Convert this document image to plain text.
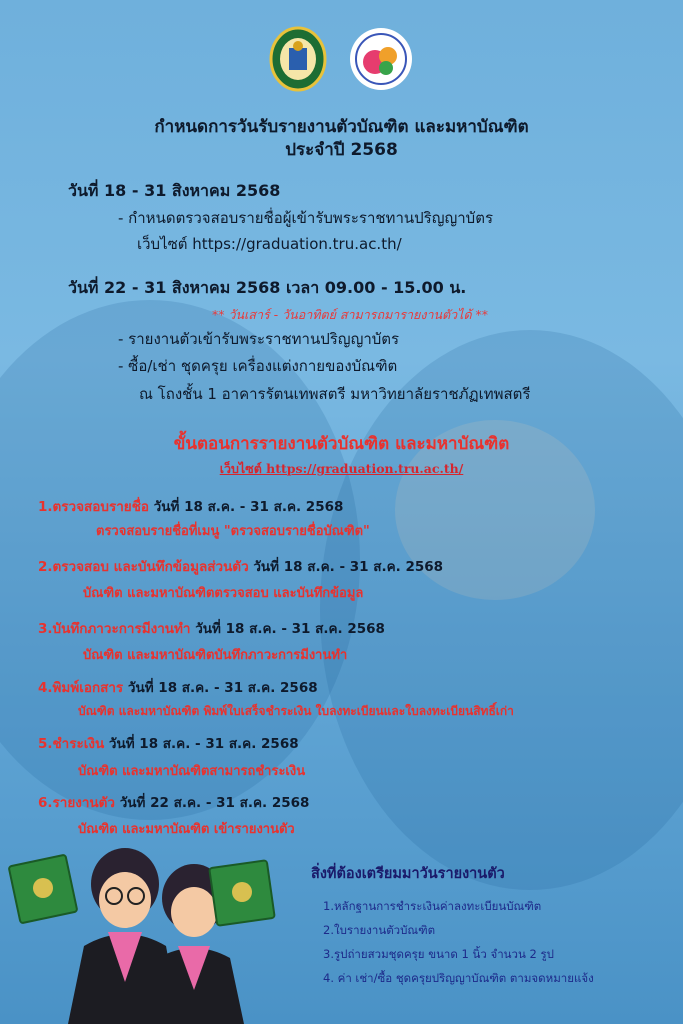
กำหนดการวันรับรายงานตัวบัณฑิต และมหาบัณฑิต
ประจำปี 2568
วันที่ 18 - 31 สิงหาคม 2568
- กำหนดตรวจสอบรายชื่อผู้เข้ารับพระราชทานปริญญาบัตร
เว็บไซต์ https://graduation.tru.ac.th/
วันที่ 22 - 31 สิงหาคม 2568 เวลา 09.00 - 15.00 น.
** วันเสาร์ - วันอาทิตย์ สามารถมารายงานตัวได้ **
- รายงานตัวเข้ารับพระราชทานปริญญาบัตร
- ซื้อ/เช่า ชุดครุย เครื่องแต่งกายของบัณฑิต
ณ โถงชั้น 1 อาคารรัตนเทพสตรี มหาวิทยาลัยราชภัฏเทพสตรี
ขั้นตอนการรายงานตัวบัณฑิต และมหาบัณฑิต
เว็บไซต์ https://graduation.tru.ac.th/
1.ตรวจสอบรายชื่อ วันที่ 18 ส.ค. - 31 ส.ค. 2568
ตรวจสอบรายชื่อที่เมนู "ตรวจสอบรายชื่อบัณฑิต"
2.ตรวจสอบ และบันทึกข้อมูลส่วนตัว วันที่ 18 ส.ค. - 31 ส.ค. 2568
บัณฑิต และมหาบัณฑิตตรวจสอบ และบันทึกข้อมูล
3.บันทึกภาวะการมีงานทำ วันที่ 18 ส.ค. - 31 ส.ค. 2568
บัณฑิต และมหาบัณฑิตบันทึกภาวะการมีงานทำ
4.พิมพ์เอกสาร วันที่ 18 ส.ค. - 31 ส.ค. 2568
บัณฑิต และมหาบัณฑิต พิมพ์ใบเสร็จชำระเงิน ใบลงทะเบียนและใบลงทะเบียนสิทธิ์เก่า
5.ชำระเงิน วันที่ 18 ส.ค. - 31 ส.ค. 2568
บัณฑิต และมหาบัณฑิตสามารถชำระเงิน
6.รายงานตัว วันที่ 22 ส.ค. - 31 ส.ค. 2568
บัณฑิต และมหาบัณฑิต เข้ารายงานตัว
สิ่งที่ต้องเตรียมมาวันรายงานตัว
1.หลักฐานการชำระเงินค่าลงทะเบียนบัณฑิต
2.ใบรายงานตัวบัณฑิต
3.รูปถ่ายสวมชุดครุย ขนาด 1 นิ้ว จำนวน 2 รูป
4. ค่า เช่า/ซื้อ ชุดครุยปริญญาบัณฑิต ตามจดหมายแจ้ง
